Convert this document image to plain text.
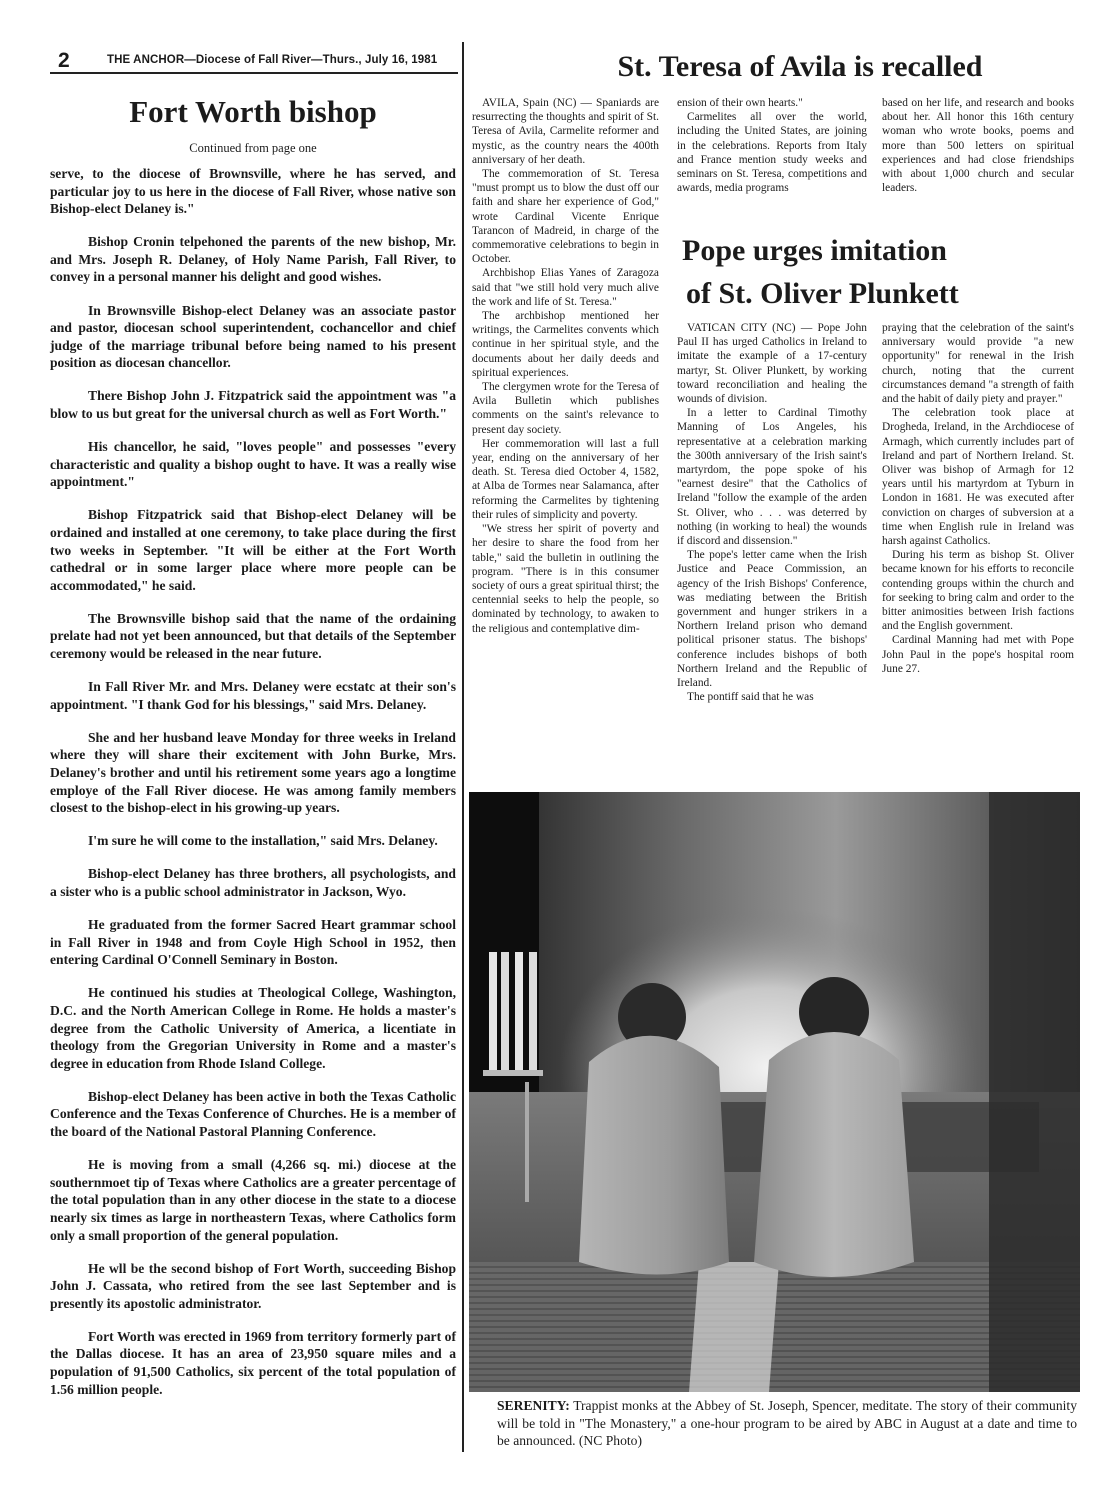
2	THE ANCHOR—Diocese of Fall River—Thurs., July 16, 1981
Fort Worth bishop
Continued from page one

serve, to the diocese of Brownsville, where he has served, and particular joy to us here in the diocese of Fall River, whose native son Bishop-elect Delaney is."

Bishop Cronin telpehoned the parents of the new bishop, Mr. and Mrs. Joseph R. Delaney, of Holy Name Parish, Fall River, to convey in a personal manner his delight and good wishes.

In Brownsville Bishop-elect Delaney was an associate pastor and pastor, diocesan school superintendent, cochancellor and chief judge of the marriage tribunal before being named to his present position as diocesan chancellor.

There Bishop John J. Fitzpatrick said the appointment was "a blow to us but great for the universal church as well as Fort Worth."

His chancellor, he said, "loves people" and possesses "every characteristic and quality a bishop ought to have. It was a really wise appointment."

Bishop Fitzpatrick said that Bishop-elect Delaney will be ordained and installed at one ceremony, to take place during the first two weeks in September. "It will be either at the Fort Worth cathedral or in some larger place where more people can be accommodated," he said.

The Brownsville bishop said that the name of the ordaining prelate had not yet been announced, but that details of the September ceremony would be released in the near future.

In Fall River Mr. and Mrs. Delaney were ecstatc at their son's appointment. "I thank God for his blessings," said Mrs. Delaney.

She and her husband leave Monday for three weeks in Ireland where they will share their excitement with John Burke, Mrs. Delaney's brother and until his retirement some years ago a longtime employe of the Fall River diocese. He was among family members closest to the bishop-elect in his growing-up years.

I'm sure he will come to the installation," said Mrs. Delaney.

Bishop-elect Delaney has three brothers, all psychologists, and a sister who is a public school administrator in Jackson, Wyo.

He graduated from the former Sacred Heart grammar school in Fall River in 1948 and from Coyle High School in 1952, then entering Cardinal O'Connell Seminary in Boston.

He continued his studies at Theological College, Washington, D.C. and the North American College in Rome. He holds a master's degree from the Catholic University of America, a licentiate in theology from the Gregorian University in Rome and a master's degree in education from Rhode Island College.

Bishop-elect Delaney has been active in both the Texas Catholic Conference and the Texas Conference of Churches. He is a member of the board of the National Pastoral Planning Conference.

He is moving from a small (4,266 sq. mi.) diocese at the southernmoet tip of Texas where Catholics are a greater percentage of the total population than in any other diocese in the state to a diocese nearly six times as large in northeastern Texas, where Catholics form only a small proportion of the general population.

He wll be the second bishop of Fort Worth, succeeding Bishop John J. Cassata, who retired from the see last September and is presently its apostolic administrator.

Fort Worth was erected in 1969 from territory formerly part of the Dallas diocese. It has an area of 23,950 square miles and a population of 91,500 Catholics, six percent of the total population of 1.56 million people.

St. Teresa of Avila is recalled

AVILA, Spain (NC) — Spaniards are resurrecting the thoughts and spirit of St. Teresa of Avila, Carmelite reformer and mystic, as the country nears the 400th anniversary of her death.

The commemoration of St. Teresa "must prompt us to blow the dust off our faith and share her experience of God," wrote Cardinal Vicente Enrique Tarancon of Madreid, in charge of the commemorative celebrations to begin in October.

Archbishop Elias Yanes of Zaragoza said that "we still hold very much alive the work and life of St. Teresa."

The archbishop mentioned her writings, the Carmelites convents which continue in her spiritual style, and the documents about her daily deeds and spiritual experiences.

The clergymen wrote for the Teresa of Avila Bulletin which publishes comments on the saint's relevance to present day society.

Her commemoration will last a full year, ending on the anniversary of her death. St. Teresa died October 4, 1582, at Alba de Tormes near Salamanca, after reforming the Carmelites by tightening their rules of simplicity and poverty.

"We stress her spirit of poverty and her desire to share the food from her table," said the bulletin in outlining the program. "There is in this consumer society of ours a great spiritual thirst; the centennial seeks to help the people, so dominated by technology, to awaken to the religious and contemplative dim-

ension of their own hearts."

Carmelites all over the world, including the United States, are joining in the celebrations. Reports from Italy and France mention study weeks and seminars on St. Teresa, competitions and awards, media programs

based on her life, and research and books about her. All honor this 16th century woman who wrote books, poems and more than 500 letters on spiritual experiences and had close friendships with about 1,000 church and secular leaders.

Pope urges imitation
of St. Oliver Plunkett

VATICAN CITY (NC) — Pope John Paul II has urged Catholics in Ireland to imitate the example of a 17-century martyr, St. Oliver Plunkett, by working toward reconciliation and healing the wounds of division.

In a letter to Cardinal Timothy Manning of Los Angeles, his representative at a celebration marking the 300th anniversary of the Irish saint's martyrdom, the pope spoke of his "earnest desire" that the Catholics of Ireland "follow the example of the arden St. Oliver, who . . . was deterred by nothing (in working to heal) the wounds if discord and dissension."

The pope's letter came when the Irish Justice and Peace Commission, an agency of the Irish Bishops' Conference, was mediating between the British government and hunger strikers in a Northern Ireland prison who demand political prisoner status. The bishops' conference includes bishops of both Northern Ireland and the Republic of Ireland.

The pontiff said that he was

praying that the celebration of the saint's anniversary would provide "a new opportunity" for renewal in the Irish church, noting that the current circumstances demand "a strength of faith and the habit of daily piety and prayer."

The celebration took place at Drogheda, Ireland, in the Archdiocese of Armagh, which currently includes part of Ireland and part of Northern Ireland. St. Oliver was bishop of Armagh for 12 years until his martyrdom at Tyburn in London in 1681. He was executed after conviction on charges of subversion at a time when English rule in Ireland was harsh against Catholics.

During his term as bishop St. Oliver became known for his efforts to reconcile contending groups within the church and for seeking to bring calm and order to the bitter animosities between Irish factions and the English government.

Cardinal Manning had met with Pope John Paul in the pope's hospital room June 27.

SERENITY: Trappist monks at the Abbey of St. Joseph, Spencer, meditate. The story of their community will be told in "The Monastery," a one-hour program to be aired by ABC in August at a date and time to be announced. (NC Photo)
